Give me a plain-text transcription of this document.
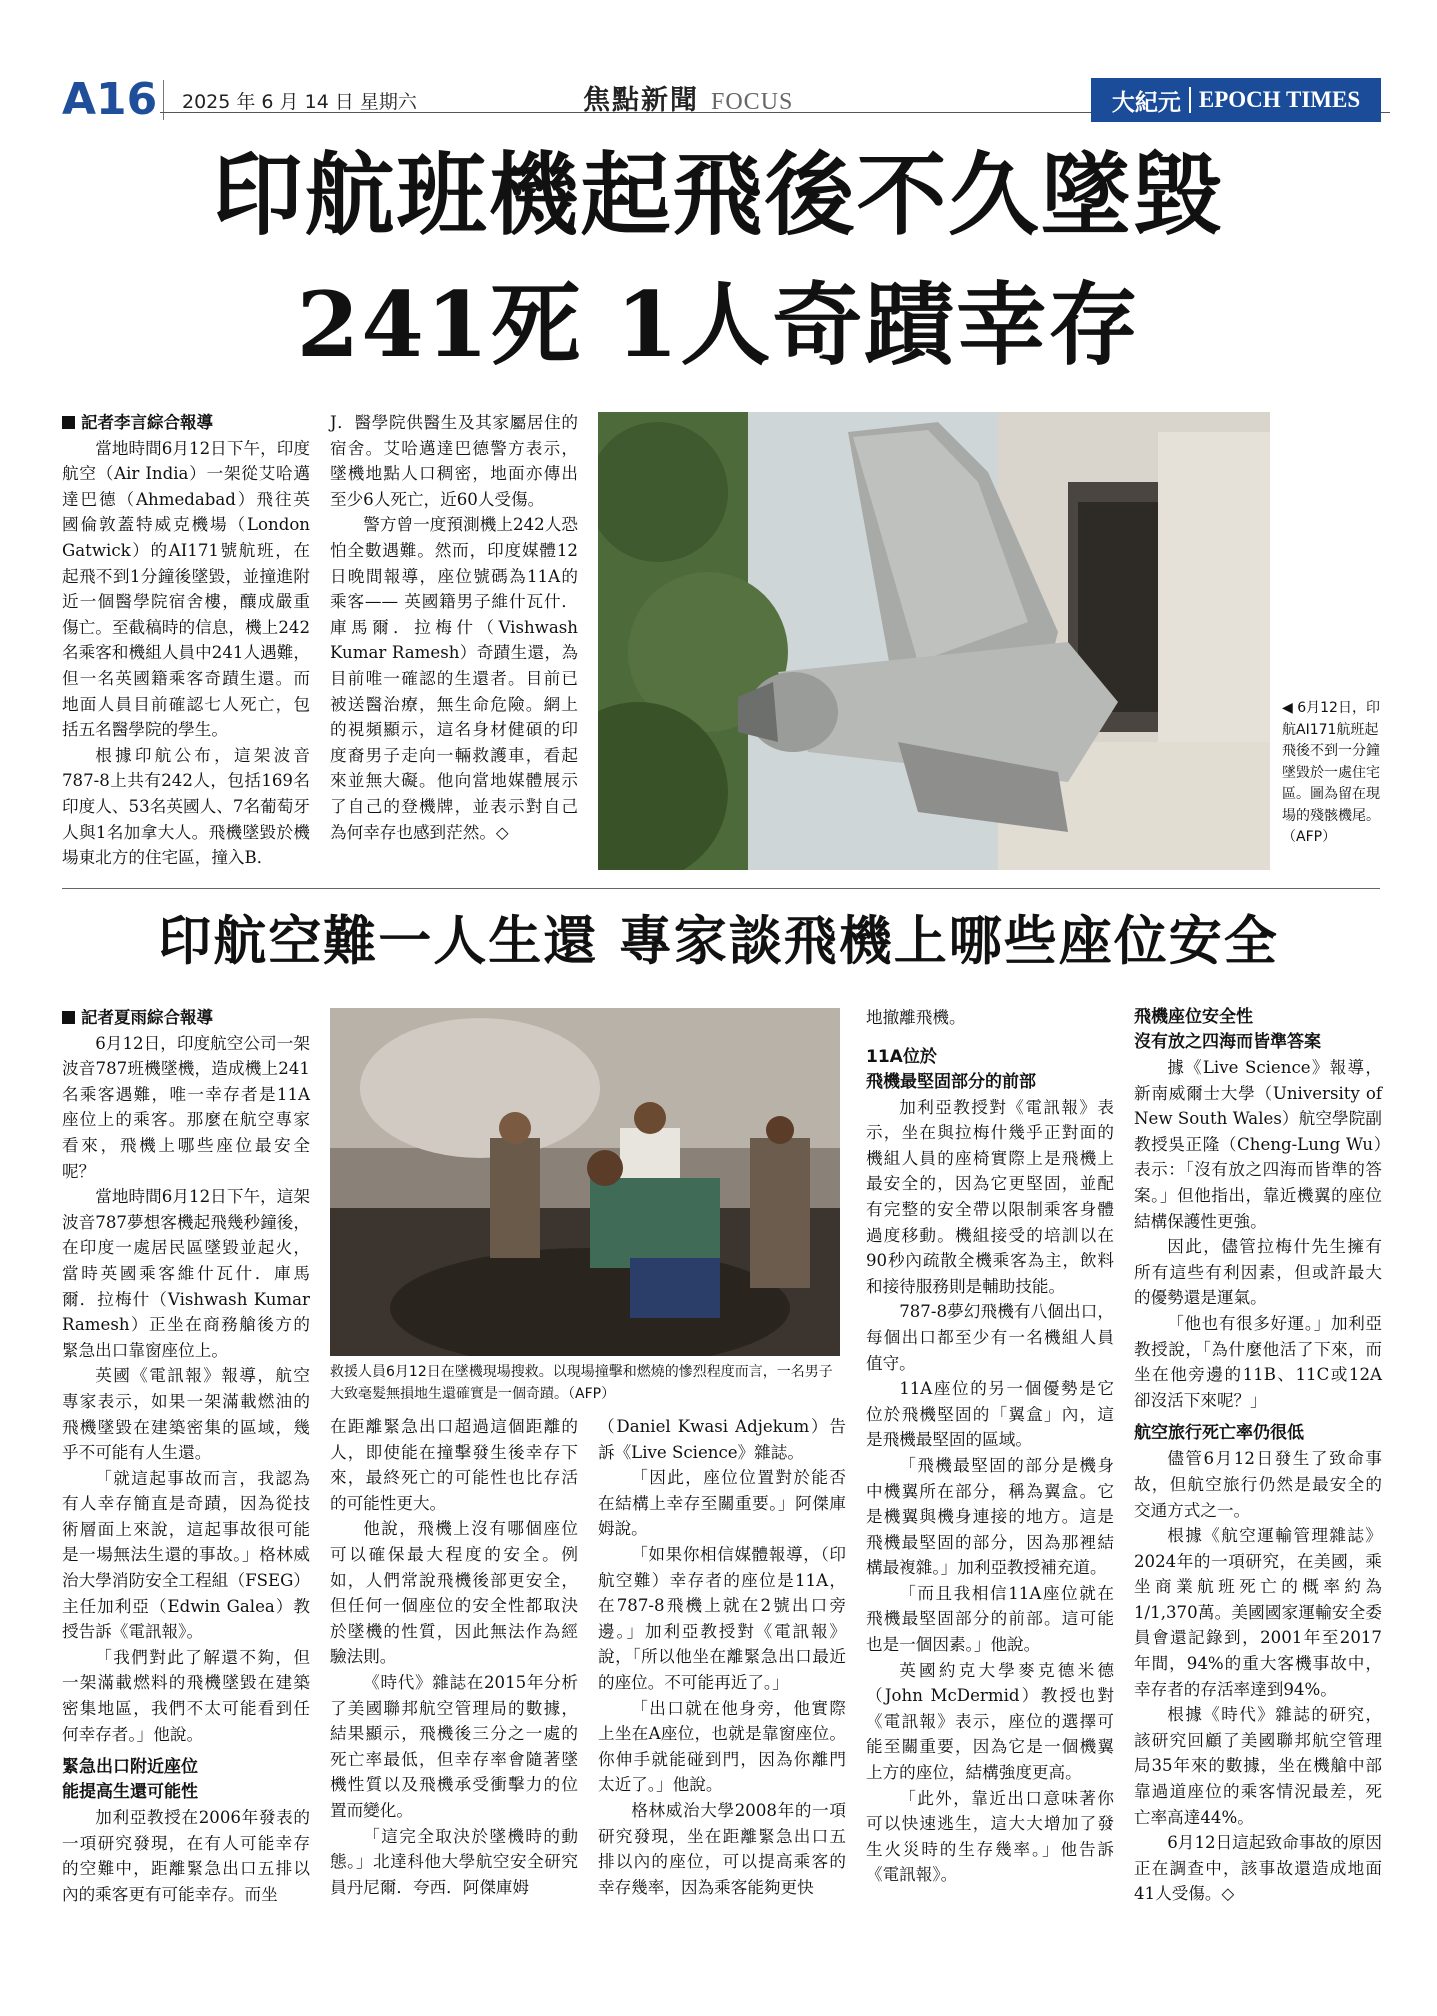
A16 2025 年 6 月 14 日 星期六	焦點新聞 FOCUS	大紀元 EPOCH TIMES
印航班機起飛後不久墜毀
241死 1人奇蹟幸存
記者李言綜合報導

當地時間6月12日下午，印度航空（Air India）一架從艾哈邁達巴德（Ahmedabad）飛往英國倫敦蓋特威克機場（London Gatwick）的AI171號航班，在起飛不到1分鐘後墜毀，並撞進附近一個醫學院宿舍樓，釀成嚴重傷亡。至截稿時的信息，機上242名乘客和機組人員中241人遇難，但一名英國籍乘客奇蹟生還。而地面人員目前確認七人死亡，包括五名醫學院的學生。

根據印航公布，這架波音787-8上共有242人，包括169名印度人、53名英國人、7名葡萄牙人與1名加拿大人。飛機墜毀於機場東北方的住宅區，撞入B．

J．醫學院供醫生及其家屬居住的宿舍。艾哈邁達巴德警方表示，墜機地點人口稠密，地面亦傳出至少6人死亡，近60人受傷。

警方曾一度預測機上242人恐怕全數遇難。然而，印度媒體12日晚間報導，座位號碼為11A的乘客—— 英國籍男子維什瓦什．庫馬爾．拉梅什（Vishwash Kumar Ramesh）奇蹟生還，為目前唯一確認的生還者。目前已被送醫治療，無生命危險。網上的視頻顯示，這名身材健碩的印度裔男子走向一輛救護車，看起來並無大礙。他向當地媒體展示了自己的登機牌，並表示對自己為何幸存也感到茫然。◇

◀ 6月12日，印航AI171航班起飛後不到一分鐘墜毀於一處住宅區。圖為留在現場的殘骸機尾。（AFP）
印航空難一人生還 專家談飛機上哪些座位安全
記者夏雨綜合報導

6月12日，印度航空公司一架波音787班機墜機，造成機上241名乘客遇難，唯一幸存者是11A座位上的乘客。那麼在航空專家看來，飛機上哪些座位最安全呢？

當地時間6月12日下午，這架波音787夢想客機起飛幾秒鐘後，在印度一處居民區墜毀並起火，當時英國乘客維什瓦什．庫馬爾．拉梅什（Vishwash Kumar Ramesh）正坐在商務艙後方的緊急出口靠窗座位上。

英國《電訊報》報導，航空專家表示，如果一架滿載燃油的飛機墜毀在建築密集的區域，幾乎不可能有人生還。

「就這起事故而言，我認為有人幸存簡直是奇蹟，因為從技術層面上來說，這起事故很可能是一場無法生還的事故。」格林威治大學消防安全工程組（FSEG）主任加利亞（Edwin Galea）教授告訴《電訊報》。

「我們對此了解還不夠，但一架滿載燃料的飛機墜毀在建築密集地區，我們不太可能看到任何幸存者。」他說。

緊急出口附近座位
能提高生還可能性

加利亞教授在2006年發表的一項研究發現，在有人可能幸存的空難中，距離緊急出口五排以內的乘客更有可能幸存。而坐

救援人員6月12日在墜機現場搜救。以現場撞擊和燃燒的慘烈程度而言，一名男子大致毫髮無損地生還確實是一個奇蹟。（AFP）

在距離緊急出口超過這個距離的人，即使能在撞擊發生後幸存下來，最終死亡的可能性也比存活的可能性更大。

他說，飛機上沒有哪個座位可以確保最大程度的安全。例如，人們常說飛機後部更安全，但任何一個座位的安全性都取決於墜機的性質，因此無法作為經驗法則。

《時代》雜誌在2015年分析了美國聯邦航空管理局的數據，結果顯示，飛機後三分之一處的死亡率最低，但幸存率會隨著墜機性質以及飛機承受衝擊力的位置而變化。

「這完全取決於墜機時的動態。」北達科他大學航空安全研究員丹尼爾．夸西．阿傑庫姆

（Daniel Kwasi Adjekum）告訴《Live Science》雜誌。

「因此，座位位置對於能否在結構上幸存至關重要。」阿傑庫姆說。

「如果你相信媒體報導，（印航空難）幸存者的座位是11A，在787-8飛機上就在2號出口旁邊。」加利亞教授對《電訊報》說，「所以他坐在離緊急出口最近的座位。不可能再近了。」

「出口就在他身旁，他實際上坐在A座位，也就是靠窗座位。你伸手就能碰到門，因為你離門太近了。」他說。

格林威治大學2008年的一項研究發現，坐在距離緊急出口五排以內的座位，可以提高乘客的幸存幾率，因為乘客能夠更快

地撤離飛機。

11A位於
飛機最堅固部分的前部

加利亞教授對《電訊報》表示，坐在與拉梅什幾乎正對面的機組人員的座椅實際上是飛機上最安全的，因為它更堅固，並配有完整的安全帶以限制乘客身體過度移動。機組接受的培訓以在90秒內疏散全機乘客為主，飲料和接待服務則是輔助技能。

787-8夢幻飛機有八個出口，每個出口都至少有一名機組人員值守。

11A座位的另一個優勢是它位於飛機堅固的「翼盒」內，這是飛機最堅固的區域。

「飛機最堅固的部分是機身中機翼所在部分，稱為翼盒。它是機翼與機身連接的地方。這是飛機最堅固的部分，因為那裡結構最複雜。」加利亞教授補充道。

「而且我相信11A座位就在飛機最堅固部分的前部。這可能也是一個因素。」他說。

英國約克大學麥克德米德（John McDermid）教授也對《電訊報》表示，座位的選擇可能至關重要，因為它是一個機翼上方的座位，結構強度更高。

「此外，靠近出口意味著你可以快速逃生，這大大增加了發生火災時的生存幾率。」他告訴《電訊報》。

飛機座位安全性
沒有放之四海而皆準答案

據《Live Science》報導，新南威爾士大學（University of New South Wales）航空學院副教授吳正隆（Cheng-Lung Wu）表示：「沒有放之四海而皆準的答案。」但他指出，靠近機翼的座位結構保護性更強。

因此，儘管拉梅什先生擁有所有這些有利因素，但或許最大的優勢還是運氣。

「他也有很多好運。」加利亞教授說，「為什麼他活了下來，而坐在他旁邊的11B、11C或12A卻沒活下來呢？」

航空旅行死亡率仍很低

儘管6月12日發生了致命事故，但航空旅行仍然是最安全的交通方式之一。

根據《航空運輸管理雜誌》2024年的一項研究，在美國，乘坐商業航班死亡的概率約為1/1,370萬。美國國家運輸安全委員會還記錄到，2001年至2017年間，94%的重大客機事故中，幸存者的存活率達到94%。

根據《時代》雜誌的研究，該研究回顧了美國聯邦航空管理局35年來的數據，坐在機艙中部靠過道座位的乘客情況最差，死亡率高達44%。

6月12日這起致命事故的原因正在調查中，該事故還造成地面41人受傷。◇
